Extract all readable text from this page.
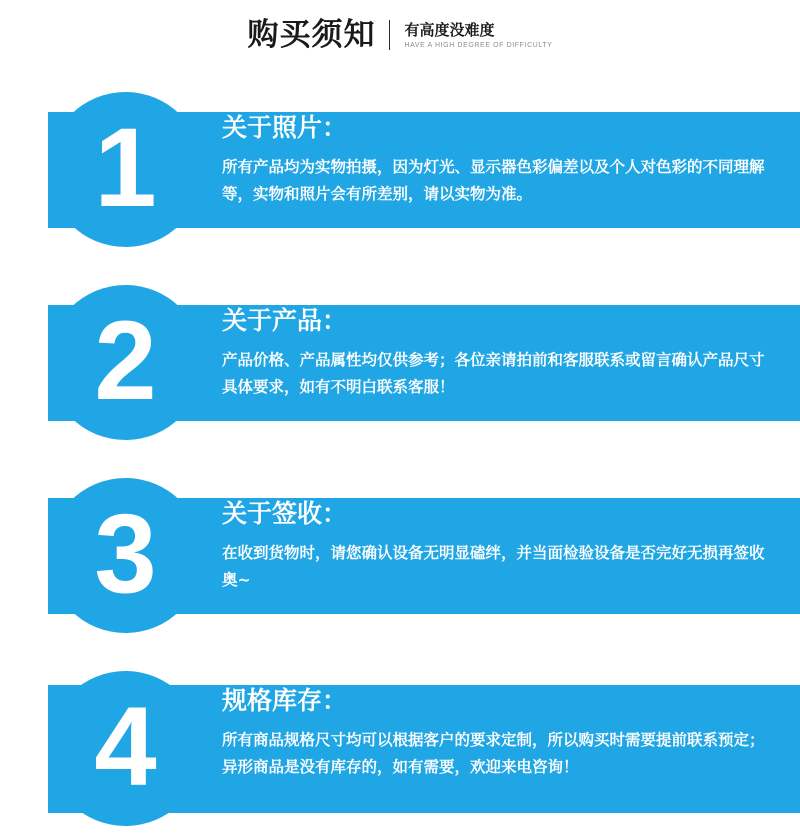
购买须知 有高度没难度
HAVE A HIGH DEGREE OF DIFFICULTY
1	关于照片：
所有产品均为实物拍摄，因为灯光、显示器色彩偏差以及个人对色彩的不同理解等，实物和照片会有所差别，请以实物为准。
2	关于产品：
产品价格、产品属性均仅供参考；各位亲请拍前和客服联系或留言确认产品尺寸具体要求，如有不明白联系客服！
3	关于签收：
在收到货物时，请您确认设备无明显磕绊，并当面检验设备是否完好无损再签收奥~
4	规格库存：
所有商品规格尺寸均可以根据客户的要求定制，所以购买时需要提前联系预定；异形商品是没有库存的，如有需要，欢迎来电咨询！
